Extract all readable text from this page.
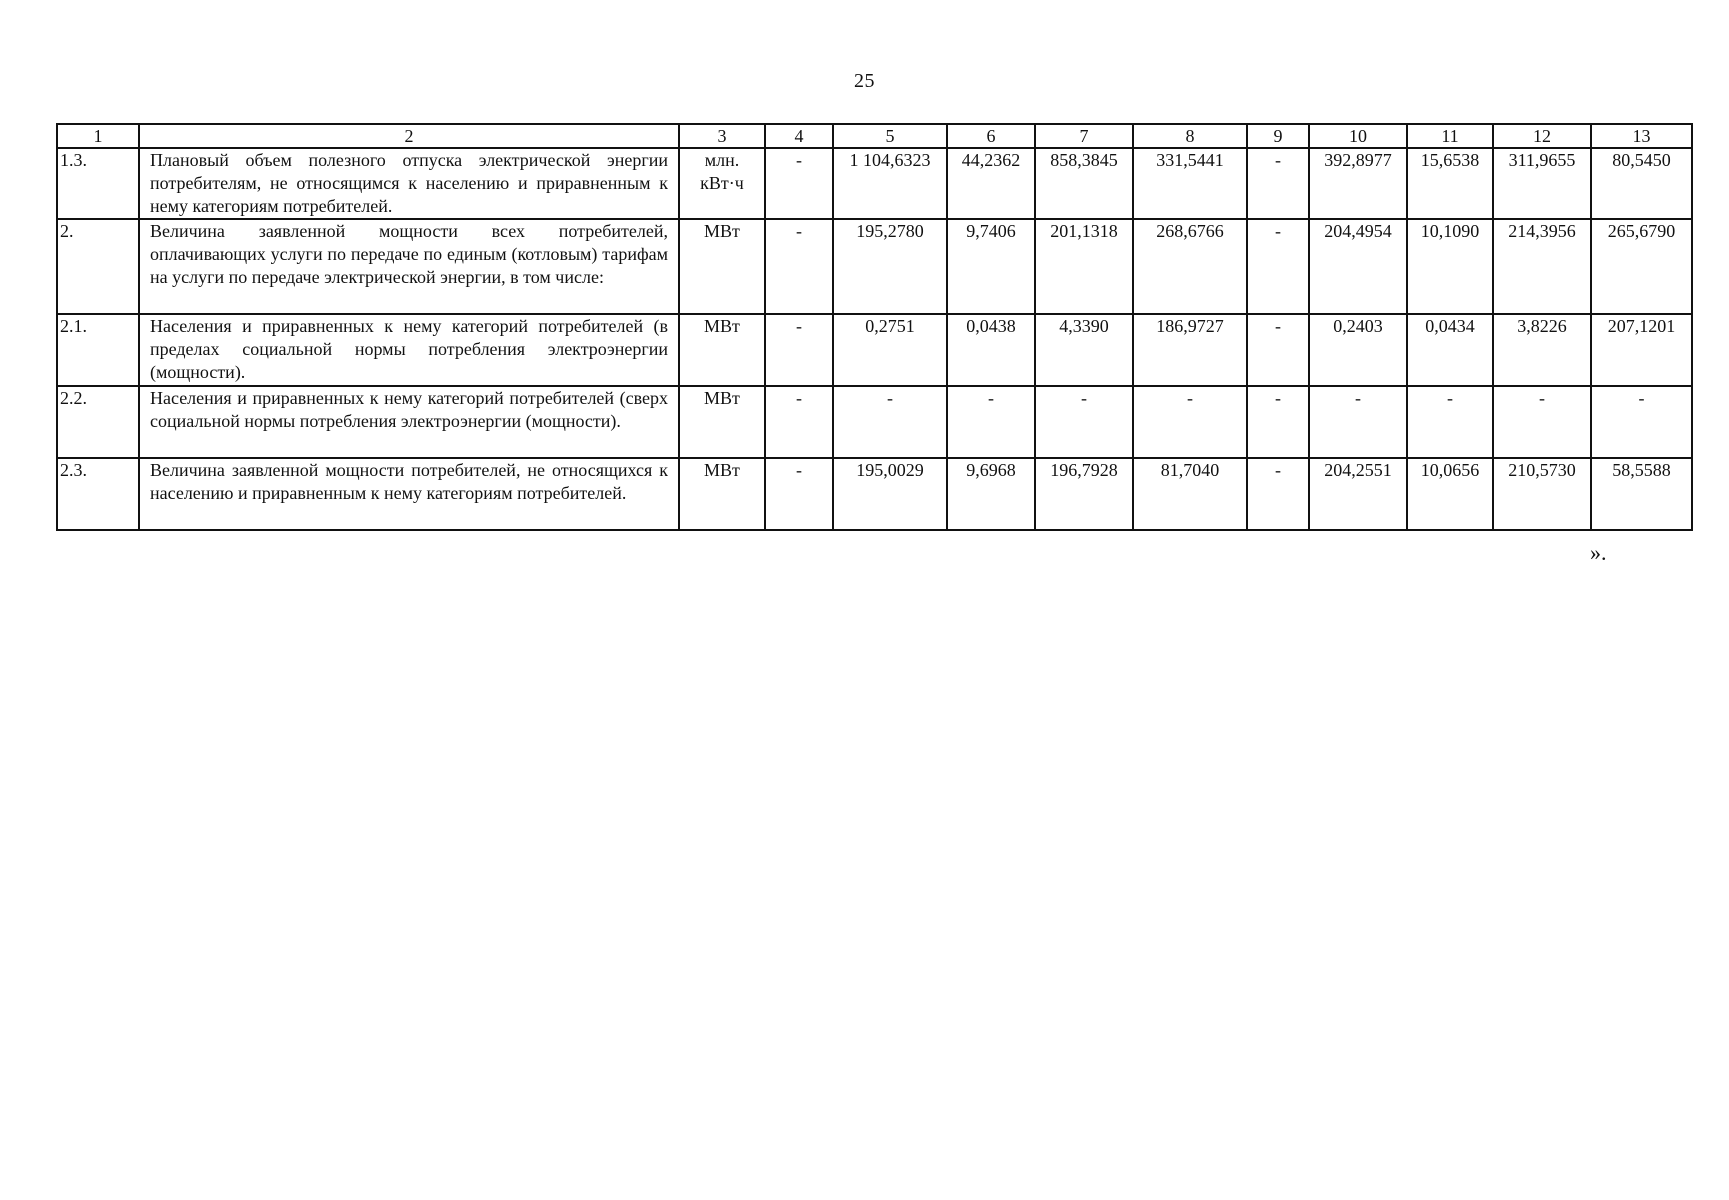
25
1	2	3	4	5	6	7	8	9	10	11	12	13
1.3.	Плановый объем полезного отпуска электрической энергии потребителям, не относящимся к населению и приравненным к нему категориям потребителей.	млн. кВт·ч	-	1 104,6323	44,2362	858,3845	331,5441	-	392,8977	15,6538	311,9655	80,5450
2.	Величина заявленной мощности всех потребителей, оплачивающих услуги по передаче по единым (котловым) тарифам на услуги по передаче электрической энергии, в том числе:	МВт	-	195,2780	9,7406	201,1318	268,6766	-	204,4954	10,1090	214,3956	265,6790
2.1.	Населения и приравненных к нему категорий потребителей (в пределах социальной нормы потребления электроэнергии (мощности).	МВт	-	0,2751	0,0438	4,3390	186,9727	-	0,2403	0,0434	3,8226	207,1201
2.2.	Населения и приравненных к нему категорий потребителей (сверх социальной нормы потребления электроэнергии (мощности).	МВт	-	-	-	-	-	-	-	-	-	-
2.3.	Величина заявленной мощности потребителей, не относящихся к населению и приравненным к нему категориям потребителей.	МВт	-	195,0029	9,6968	196,7928	81,7040	-	204,2551	10,0656	210,5730	58,5588
».
